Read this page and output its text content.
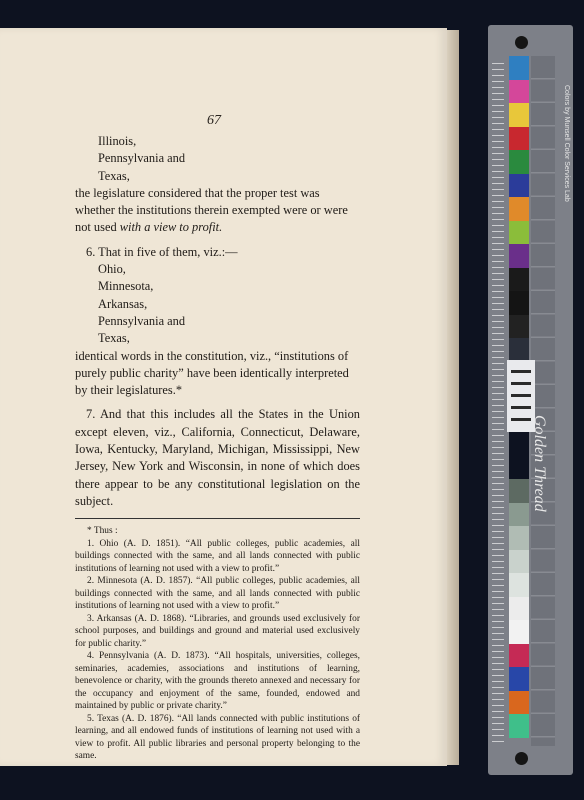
67

Illinois,

Pennsylvania and

Texas,

the legislature considered that the proper test was whether the institutions therein exempted were or were not used with a view to profit.

6. That in five of them, viz.:—

Ohio,

Minnesota,

Arkansas,

Pennsylvania and

Texas,

identical words in the constitution, viz., “institutions of purely public charity” have been identically interpreted by their legislatures.*

7. And that this includes all the States in the Union except eleven, viz., California, Connecticut, Delaware, Iowa, Kentucky, Maryland, Michigan, Mississippi, New Jersey, New York and Wisconsin, in none of which does there appear to be any constitutional legislation on the subject.

* Thus :

1. Ohio (A. D. 1851). “All public colleges, public academies, all buildings connected with the same, and all lands connected with public institutions of learning not used with a view to profit.”

2. Minnesota (A. D. 1857). “All public colleges, public academies, all buildings connected with the same, and all lands connected with public institutions of learning not used with a view to profit.”

3. Arkansas (A. D. 1868). “Libraries, and grounds used exclusively for school purposes, and buildings and ground and material used exclusively for public charity.”

4. Pennsylvania (A. D. 1873). “All hospitals, universities, colleges, seminaries, academies, associations and institutions of learning, benevolence or charity, with the grounds thereto annexed and necessary for the occupancy and enjoyment of the same, founded, endowed and maintained by public or private charity.”

5. Texas (A. D. 1876). “All lands connected with public institutions of learning, and all endowed funds of institutions of learning not used with a view to profit. All public libraries and personal property belonging to the same.

Colors by Munsell Color Services Lab
Golden Thread
